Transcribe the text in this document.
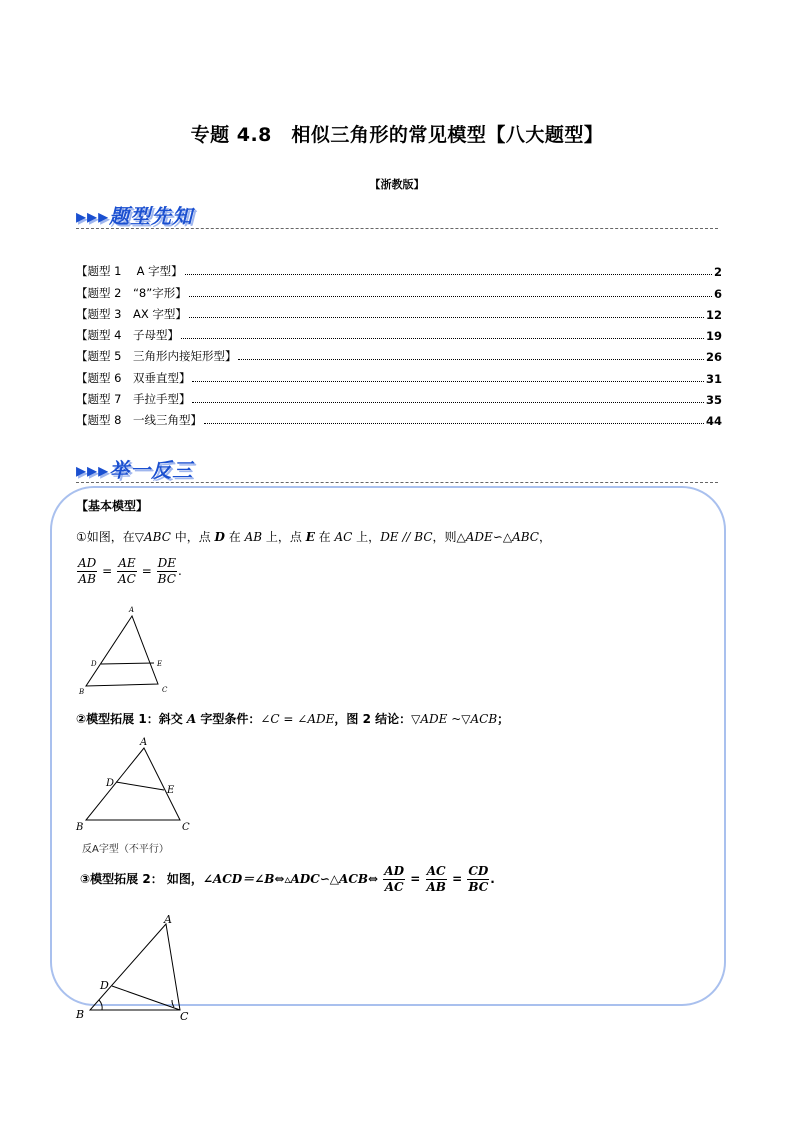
专题 4.8　相似三角形的常见模型【八大题型】
【浙教版】
▸▸▸题型先知
【题型 1　 A 字型】	2
【题型 2　“8”字形】	6
【题型 3　AX 字型】	12
【题型 4　子母型】	19
【题型 5　三角形内接矩形型】	26
【题型 6　双垂直型】	31
【题型 7　手拉手型】	35
【题型 8　一线三角型】	44
▸▸▸举一反三
【基本模型】
①如图，在▽ABC 中，点 D 在 AB 上，点 E 在 AC 上，DE // BC，则△ADE∽△ABC，
$\frac{AD}{AB} = \frac{AE}{AC} = \frac{DE}{BC}$ .
A
D	E
B	C
②模型拓展 1：斜交 A 字型条件：∠C = ∠ADE，图 2 结论：▽ADE ~▽ACB；
A
D
E
B	C
反A字型（不平行）
③模型拓展 2： 如图，∠ACD＝∠B⇔▵ADC∽△ACB⇔ $\frac{AD}{AC} = \frac{AC}{AB} = \frac{CD}{BC}$ .
A
D
B	C
